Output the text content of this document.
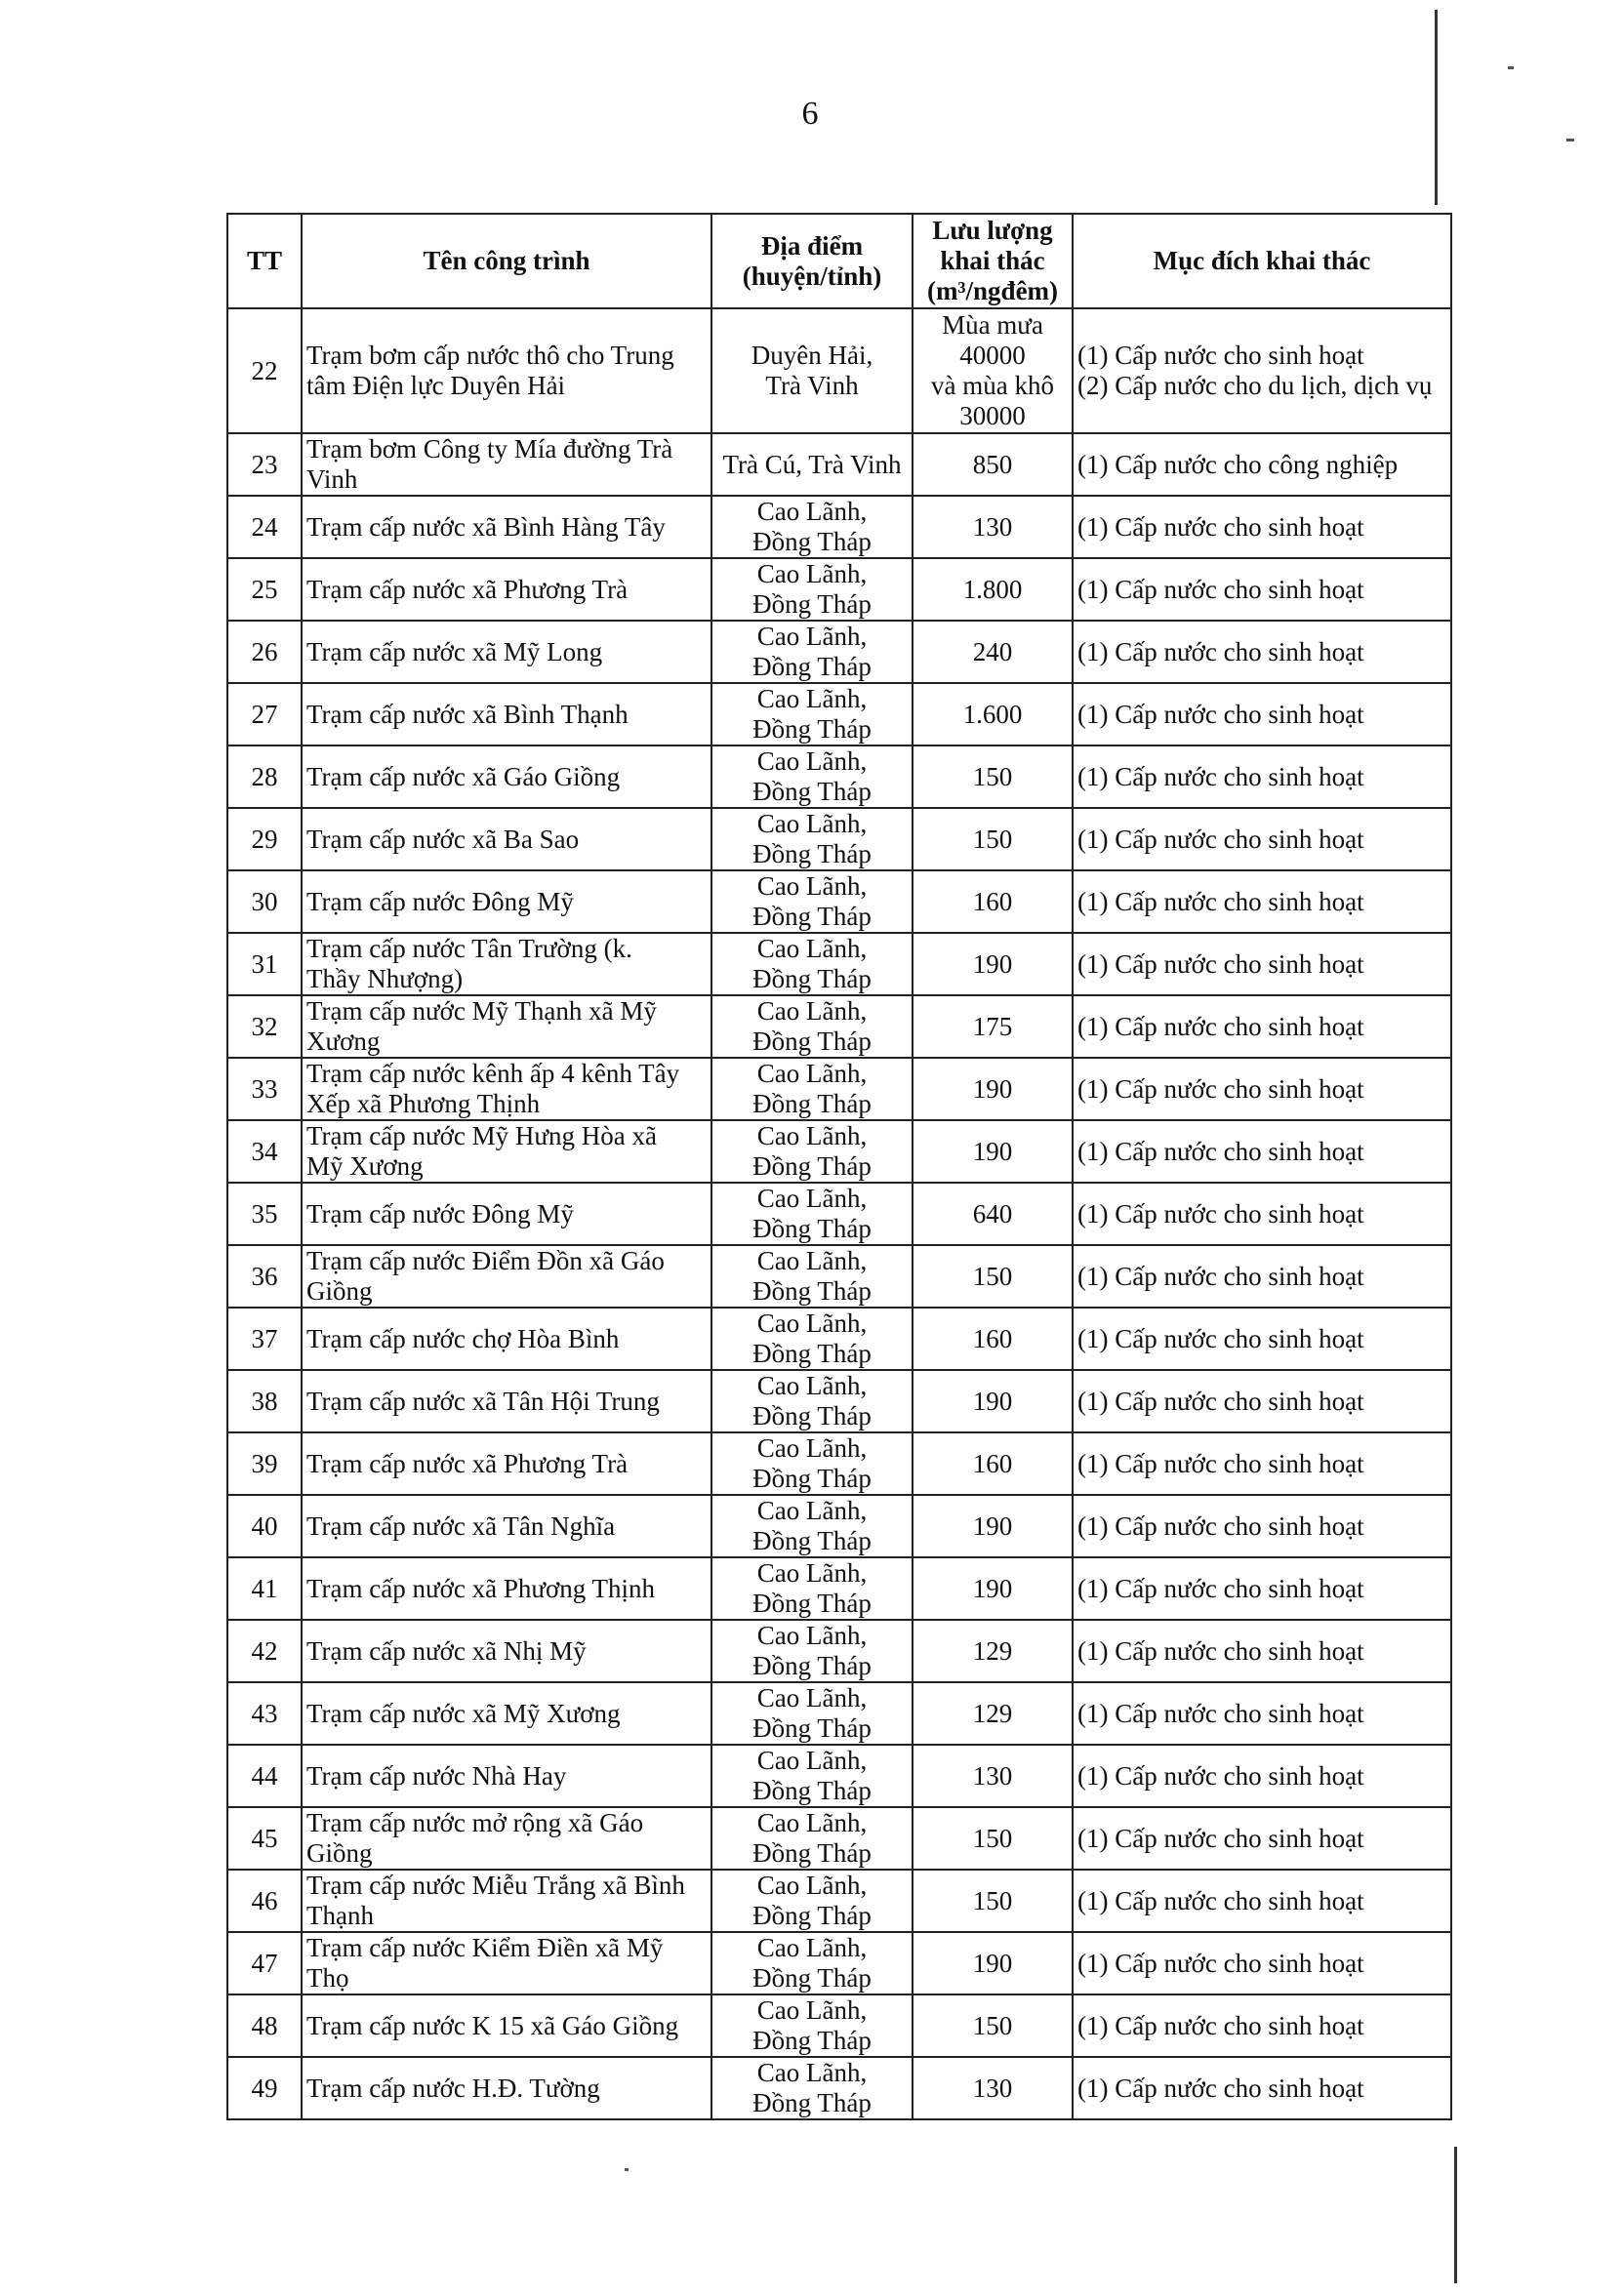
6
TT	Tên công trình	Địa điểm
(huyện/tỉnh)	Lưu lượng
khai thác
(m³/ngđêm)	Mục đích khai thác
22	Trạm bơm cấp nước thô cho Trung
tâm Điện lực Duyên Hải	Duyên Hải,
Trà Vinh	Mùa mưa
40000
và mùa khô
30000	(1) Cấp nước cho sinh hoạt
(2) Cấp nước cho du lịch, dịch vụ

23	Trạm bơm Công ty Mía đường Trà Vinh	Trà Cú, Trà Vinh	850	(1) Cấp nước cho công nghiệp
24	Trạm cấp nước xã Bình Hàng Tây	Cao Lãnh,
Đồng Tháp	130	(1) Cấp nước cho sinh hoạt
25	Trạm cấp nước xã Phương Trà	Cao Lãnh,
Đồng Tháp	1.800	(1) Cấp nước cho sinh hoạt
26	Trạm cấp nước xã Mỹ Long	Cao Lãnh,
Đồng Tháp	240	(1) Cấp nước cho sinh hoạt
27	Trạm cấp nước xã Bình Thạnh	Cao Lãnh,
Đồng Tháp	1.600	(1) Cấp nước cho sinh hoạt
28	Trạm cấp nước xã Gáo Giồng	Cao Lãnh,
Đồng Tháp	150	(1) Cấp nước cho sinh hoạt
29	Trạm cấp nước xã Ba Sao	Cao Lãnh,
Đồng Tháp	150	(1) Cấp nước cho sinh hoạt
30	Trạm cấp nước Đông Mỹ	Cao Lãnh,
Đồng Tháp	160	(1) Cấp nước cho sinh hoạt
31	Trạm cấp nước Tân Trường (k.
Thầy Nhượng)	Cao Lãnh,
Đồng Tháp	190	(1) Cấp nước cho sinh hoạt
32	Trạm cấp nước Mỹ Thạnh xã Mỹ
Xương	Cao Lãnh,
Đồng Tháp	175	(1) Cấp nước cho sinh hoạt
33	Trạm cấp nước kênh ấp 4 kênh Tây
Xếp xã Phương Thịnh	Cao Lãnh,
Đồng Tháp	190	(1) Cấp nước cho sinh hoạt
34	Trạm cấp nước Mỹ Hưng Hòa xã
Mỹ Xương	Cao Lãnh,
Đồng Tháp	190	(1) Cấp nước cho sinh hoạt
35	Trạm cấp nước Đông Mỹ	Cao Lãnh,
Đồng Tháp	640	(1) Cấp nước cho sinh hoạt
36	Trạm cấp nước Điểm Đồn xã Gáo
Giồng	Cao Lãnh,
Đồng Tháp	150	(1) Cấp nước cho sinh hoạt
37	Trạm cấp nước chợ Hòa Bình	Cao Lãnh,
Đồng Tháp	160	(1) Cấp nước cho sinh hoạt
38	Trạm cấp nước xã Tân Hội Trung	Cao Lãnh,
Đồng Tháp	190	(1) Cấp nước cho sinh hoạt
39	Trạm cấp nước xã Phương Trà	Cao Lãnh,
Đồng Tháp	160	(1) Cấp nước cho sinh hoạt
40	Trạm cấp nước xã Tân Nghĩa	Cao Lãnh,
Đồng Tháp	190	(1) Cấp nước cho sinh hoạt
41	Trạm cấp nước xã Phương Thịnh	Cao Lãnh,
Đồng Tháp	190	(1) Cấp nước cho sinh hoạt
42	Trạm cấp nước xã Nhị Mỹ	Cao Lãnh,
Đồng Tháp	129	(1) Cấp nước cho sinh hoạt
43	Trạm cấp nước xã Mỹ Xương	Cao Lãnh,
Đồng Tháp	129	(1) Cấp nước cho sinh hoạt
44	Trạm cấp nước Nhà Hay	Cao Lãnh,
Đồng Tháp	130	(1) Cấp nước cho sinh hoạt
45	Trạm cấp nước mở rộng xã Gáo Giồng	Cao Lãnh,
Đồng Tháp	150	(1) Cấp nước cho sinh hoạt
46	Trạm cấp nước Miễu Trắng xã Bình
Thạnh	Cao Lãnh,
Đồng Tháp	150	(1) Cấp nước cho sinh hoạt
47	Trạm cấp nước Kiểm Điền xã Mỹ Thọ	Cao Lãnh,
Đồng Tháp	190	(1) Cấp nước cho sinh hoạt
48	Trạm cấp nước K 15 xã Gáo Giồng	Cao Lãnh,
Đồng Tháp	150	(1) Cấp nước cho sinh hoạt
49	Trạm cấp nước H.Đ. Tường	Cao Lãnh,
Đồng Tháp	130	(1) Cấp nước cho sinh hoạt
